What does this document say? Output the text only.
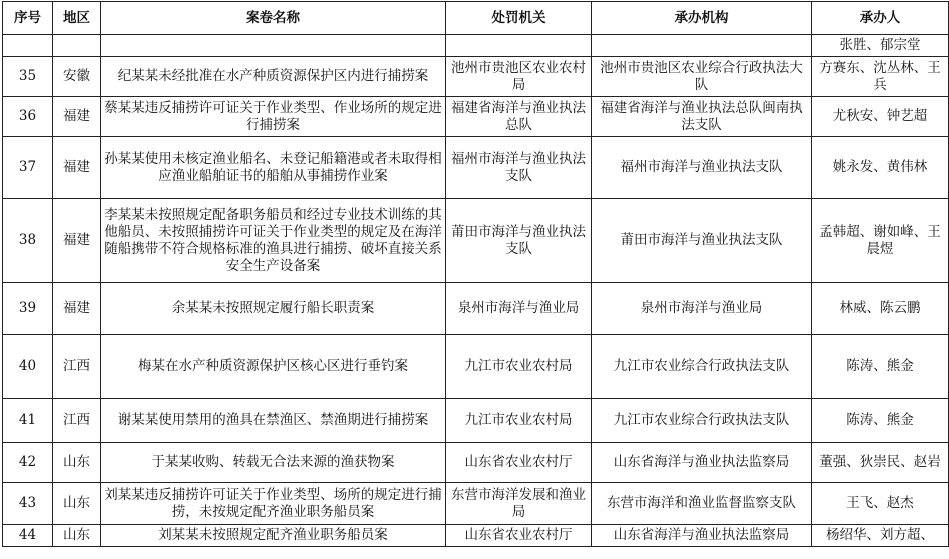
序号	地区	案卷名称	处罚机关	承办机构	承办人
					张胜、郁宗堂
35	安徽	纪某某未经批准在水产种质资源保护区内进行捕捞案	池州市贵池区农业农村局	池州市贵池区农业综合行政执法大队	方赛东、沈丛林、王兵
36	福建	蔡某某违反捕捞许可证关于作业类型、作业场所的规定进行捕捞案	福建省海洋与渔业执法总队	福建省海洋与渔业执法总队闽南执法支队	尤秋安、钟艺超
37	福建	孙某某使用未核定渔业船名、未登记船籍港或者未取得相应渔业船舶证书的船舶从事捕捞作业案	福州市海洋与渔业执法支队	福州市海洋与渔业执法支队	姚永发、黄伟林
38	福建	李某某未按照规定配备职务船员和经过专业技术训练的其他船员、未按照捕捞许可证关于作业类型的规定及在海洋随船携带不符合规格标准的渔具进行捕捞、破坏直接关系安全生产设备案	莆田市海洋与渔业执法支队	莆田市海洋与渔业执法支队	孟韩超、谢如峰、王晨煜
39	福建	余某某未按照规定履行船长职责案	泉州市海洋与渔业局	泉州市海洋与渔业局	林威、陈云鹏
40	江西	梅某在水产种质资源保护区核心区进行垂钓案	九江市农业农村局	九江市农业综合行政执法支队	陈涛、熊金
41	江西	谢某某使用禁用的渔具在禁渔区、禁渔期进行捕捞案	九江市农业农村局	九江市农业综合行政执法支队	陈涛、熊金
42	山东	于某某收购、转载无合法来源的渔获物案	山东省农业农村厅	山东省海洋与渔业执法监察局	董强、狄崇民、赵岩
43	山东	刘某某违反捕捞许可证关于作业类型、场所的规定进行捕捞，未按规定配齐渔业职务船员案	东营市海洋发展和渔业局	东营市海洋和渔业监督监察支队	王飞、赵杰
44	山东	刘某某未按照规定配齐渔业职务船员案	山东省农业农村厅	山东省海洋与渔业执法监察局	杨绍华、刘方超、
